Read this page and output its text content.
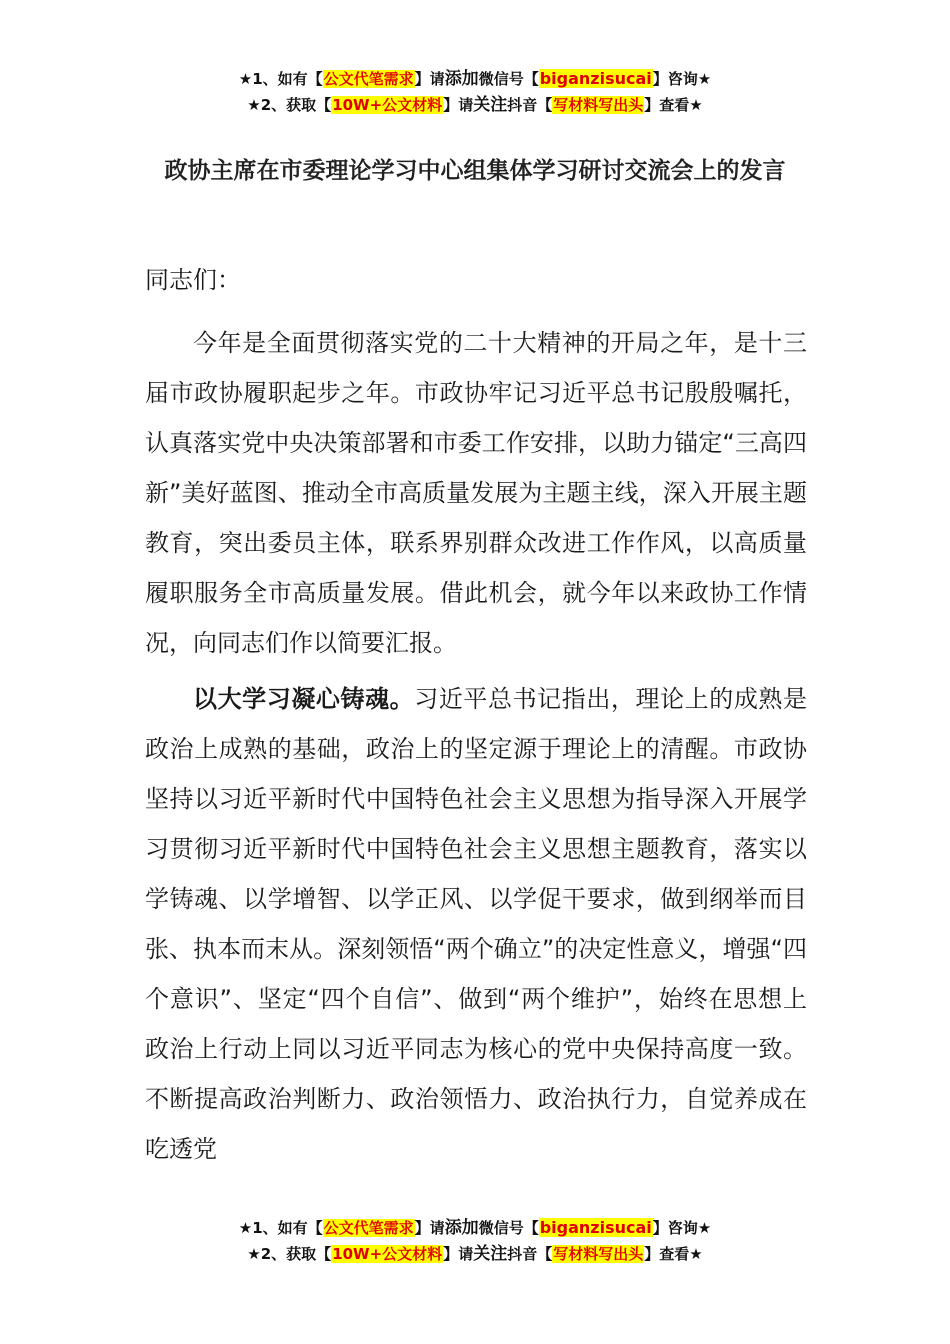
★1、如有【公文代笔需求】请添加微信号【biganzisucai】咨询★
★2、获取【10W+公文材料】请关注抖音【写材料写出头】查看★
政协主席在市委理论学习中心组集体学习研讨交流会上的发言
同志们：

今年是全面贯彻落实党的二十大精神的开局之年，是十三届市政协履职起步之年。市政协牢记习近平总书记殷殷嘱托，认真落实党中央决策部署和市委工作安排，以助力锚定“三高四新”美好蓝图、推动全市高质量发展为主题主线，深入开展主题教育，突出委员主体，联系界别群众改进工作作风，以高质量履职服务全市高质量发展。借此机会，就今年以来政协工作情况，向同志们作以简要汇报。

以大学习凝心铸魂。习近平总书记指出，理论上的成熟是政治上成熟的基础，政治上的坚定源于理论上的清醒。市政协坚持以习近平新时代中国特色社会主义思想为指导深入开展学习贯彻习近平新时代中国特色社会主义思想主题教育，落实以学铸魂、以学增智、以学正风、以学促干要求，做到纲举而目张、执本而末从。深刻领悟“两个确立”的决定性意义，增强“四个意识”、坚定“四个自信”、做到“两个维护”，始终在思想上政治上行动上同以习近平同志为核心的党中央保持高度一致。不断提高政治判断力、政治领悟力、政治执行力，自觉养成在吃透党

★1、如有【公文代笔需求】请添加微信号【biganzisucai】咨询★
★2、获取【10W+公文材料】请关注抖音【写材料写出头】查看★
